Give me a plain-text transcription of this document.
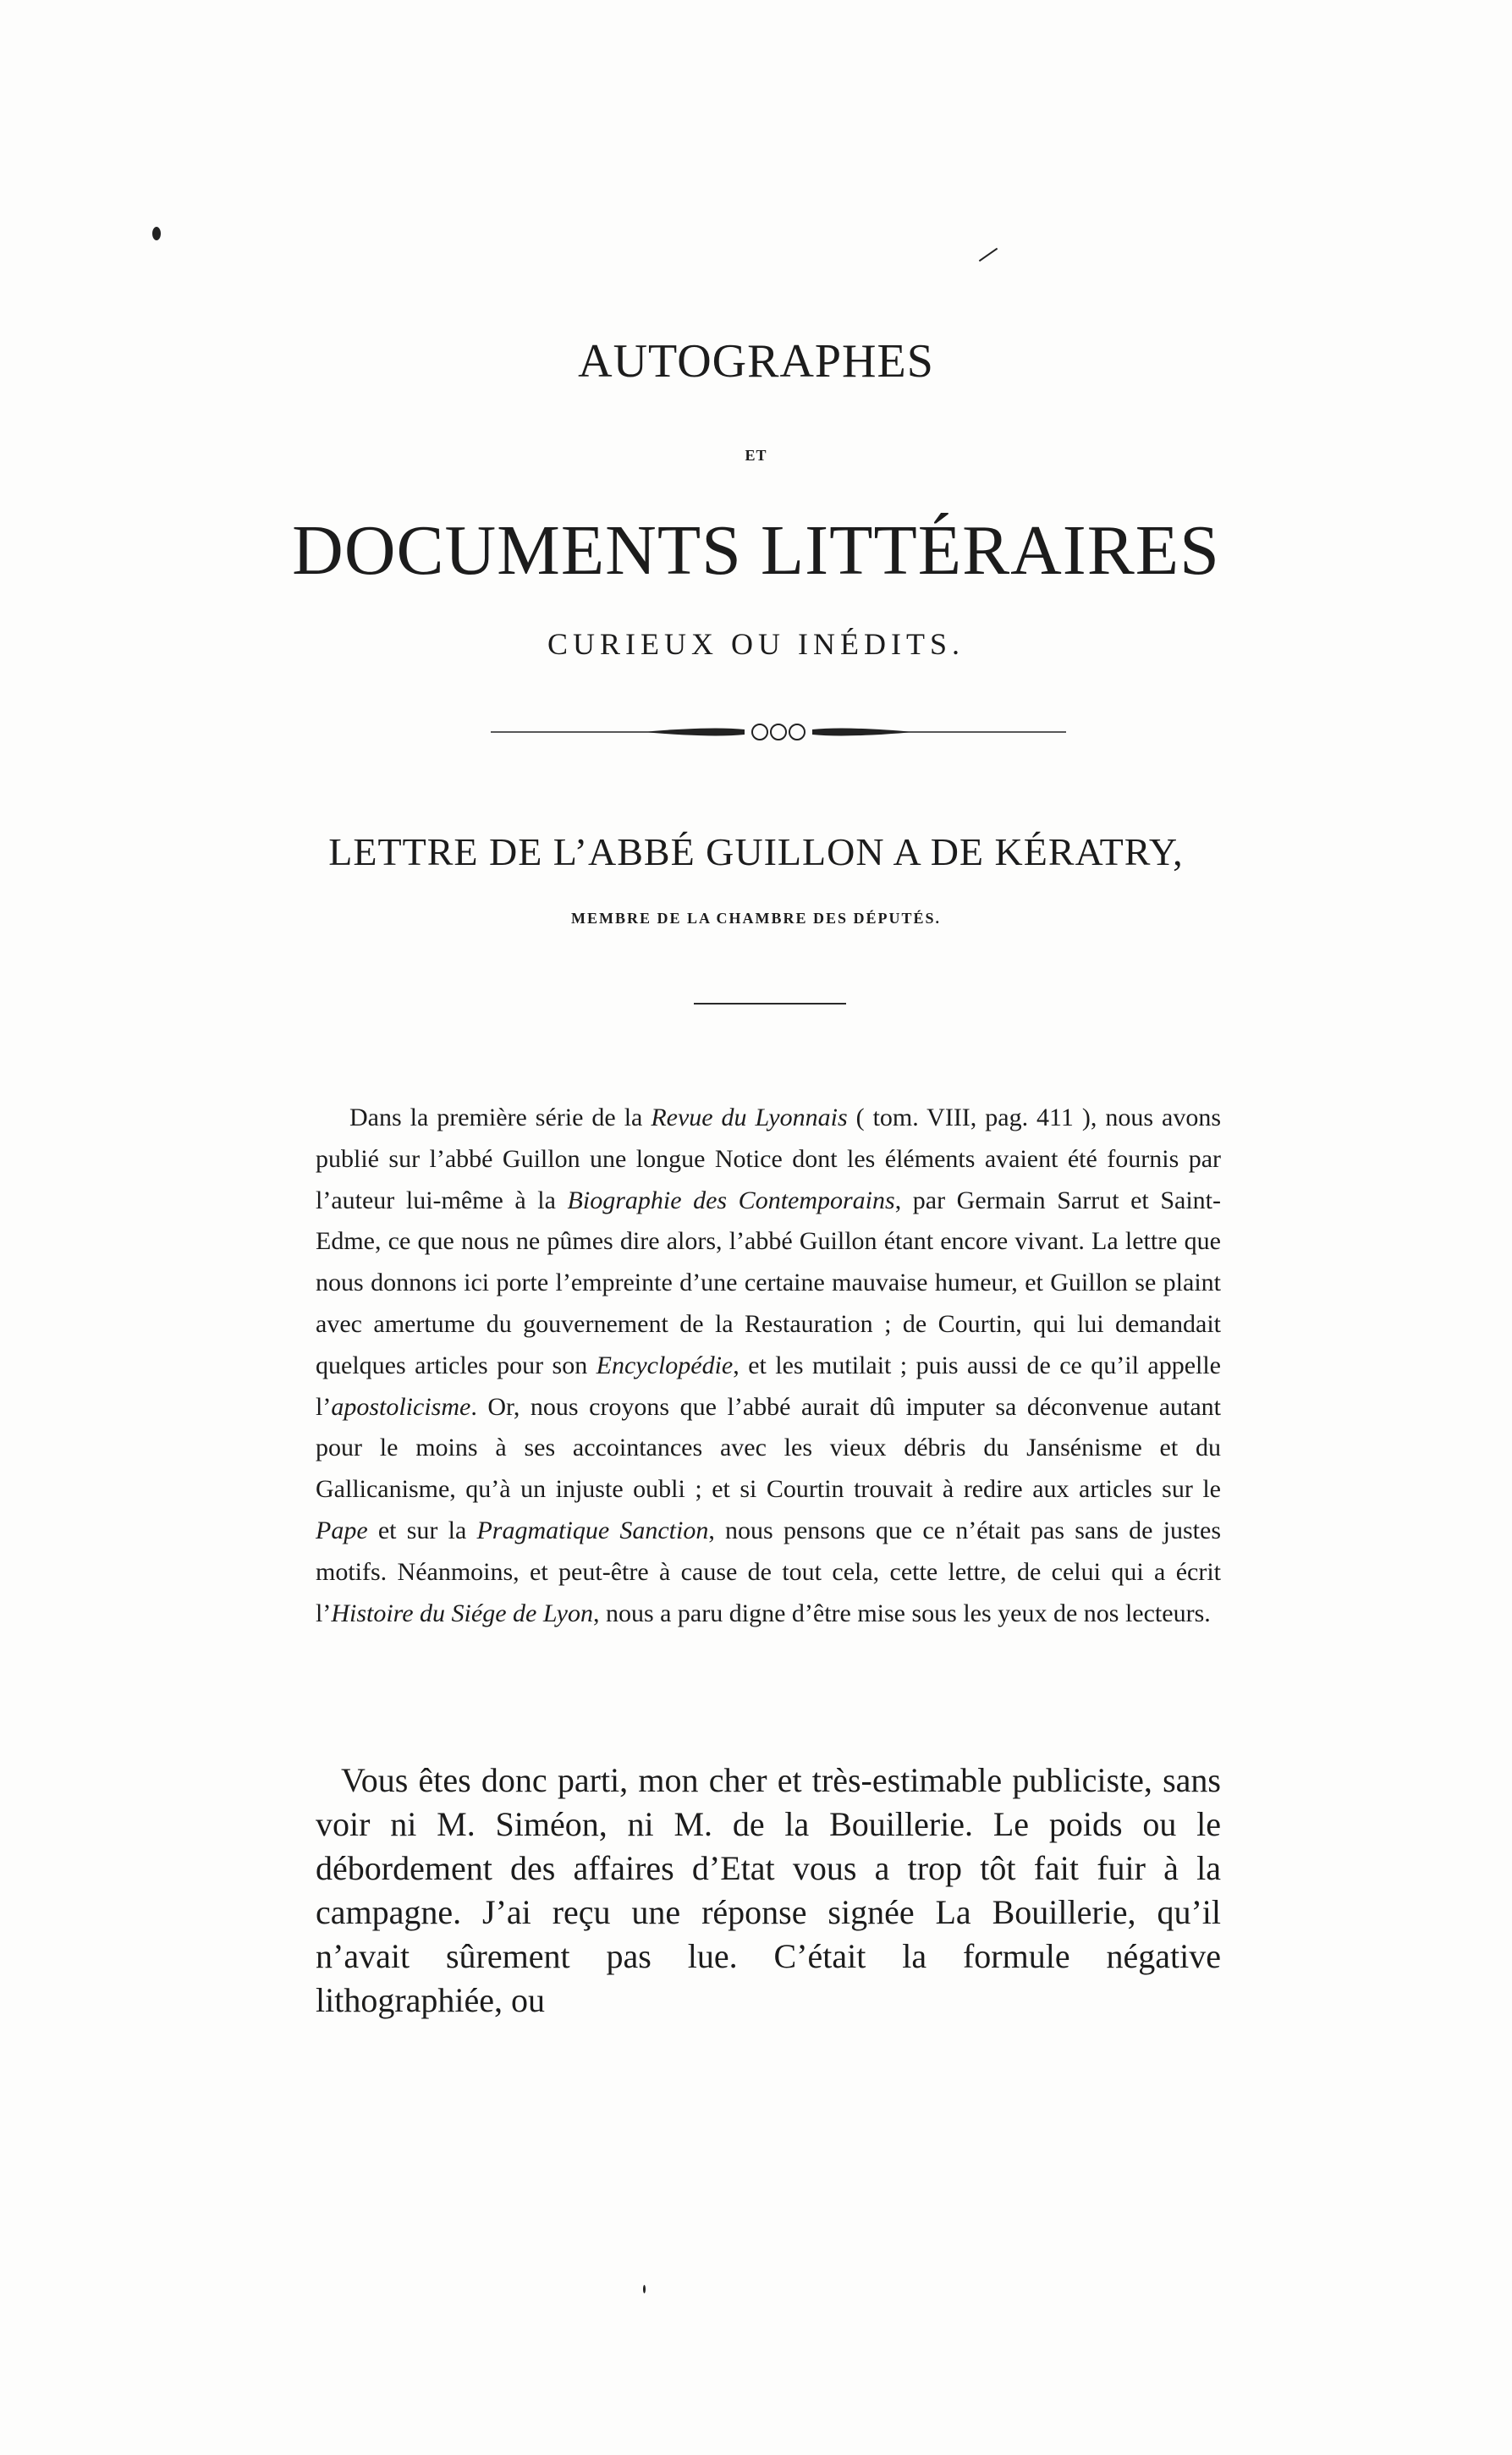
AUTOGRAPHES
ET
DOCUMENTS LITTÉRAIRES
CURIEUX OU INÉDITS.
LETTRE DE L’ABBÉ GUILLON A DE KÉRATRY,
MEMBRE DE LA CHAMBRE DES DÉPUTÉS.

Dans la première série de la Revue du Lyonnais ( tom. VIII, pag. 411 ), nous avons publié sur l’abbé Guillon une longue Notice dont les éléments avaient été fournis par l’auteur lui-même à la Biographie des Contemporains, par Germain Sarrut et Saint-Edme, ce que nous ne pûmes dire alors, l’abbé Guillon étant encore vivant. La lettre que nous donnons ici porte l’empreinte d’une certaine mauvaise humeur, et Guillon se plaint avec amertume du gouvernement de la Restauration ; de Courtin, qui lui demandait quelques articles pour son Encyclopédie, et les mutilait ; puis aussi de ce qu’il appelle l’apostolicisme. Or, nous croyons que l’abbé aurait dû imputer sa déconvenue autant pour le moins à ses accointances avec les vieux débris du Jansénisme et du Gallicanisme, qu’à un injuste oubli ; et si Courtin trouvait à redire aux articles sur le Pape et sur la Pragmatique Sanction, nous pensons que ce n’était pas sans de justes motifs. Néanmoins, et peut-être à cause de tout cela, cette lettre, de celui qui a écrit l’Histoire du Siége de Lyon, nous a paru digne d’être mise sous les yeux de nos lecteurs.

Vous êtes donc parti, mon cher et très-estimable publiciste, sans voir ni M. Siméon, ni M. de la Bouillerie. Le poids ou le débordement des affaires d’Etat vous a trop tôt fait fuir à la campagne. J’ai reçu une réponse signée La Bouillerie, qu’il n’avait sûrement pas lue. C’était la formule négative lithographiée, ou
